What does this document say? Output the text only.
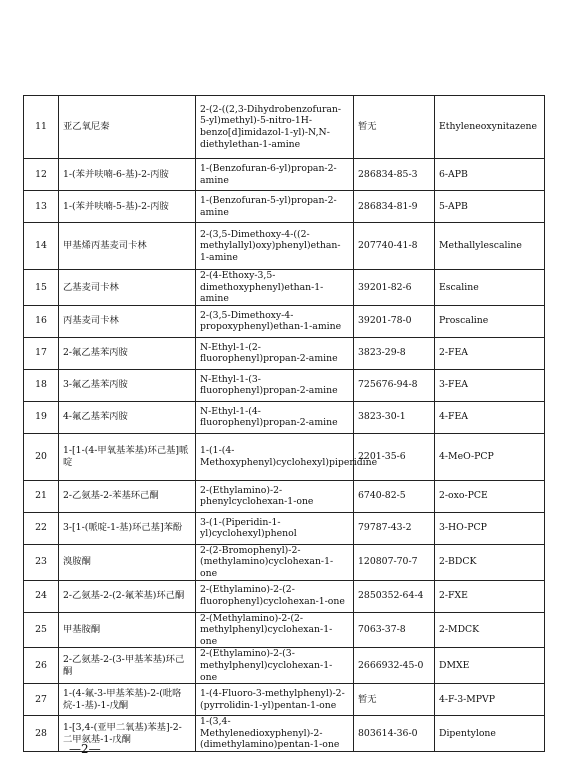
11	亚乙氧尼秦	2-(2-((2,3-Dihydrobenzofuran-5-yl)methyl)-5-nitro-1H-benzo[d]imidazol-1-yl)-N,N-diethylethan-1-amine	暂无	Ethyleneoxynitazene
12	1-(苯并呋喃-6-基)-2-丙胺	1-(Benzofuran-6-yl)propan-2-amine	286834-85-3	6-APB
13	1-(苯并呋喃-5-基)-2-丙胺	1-(Benzofuran-5-yl)propan-2-amine	286834-81-9	5-APB
14	甲基烯丙基麦司卡林	2-(3,5-Dimethoxy-4-((2-methylallyl)oxy)phenyl)ethan-1-amine	207740-41-8	Methallylescaline
15	乙基麦司卡林	2-(4-Ethoxy-3,5-dimethoxyphenyl)ethan-1-amine	39201-82-6	Escaline
16	丙基麦司卡林	2-(3,5-Dimethoxy-4-propoxyphenyl)ethan-1-amine	39201-78-0	Proscaline
17	2-氟乙基苯丙胺	N-Ethyl-1-(2-fluorophenyl)propan-2-amine	3823-29-8	2-FEA
18	3-氟乙基苯丙胺	N-Ethyl-1-(3-fluorophenyl)propan-2-amine	725676-94-8	3-FEA
19	4-氟乙基苯丙胺	N-Ethyl-1-(4-fluorophenyl)propan-2-amine	3823-30-1	4-FEA
20	1-[1-(4-甲氧基苯基)环己基]哌啶	1-(1-(4-Methoxyphenyl)cyclohexyl)piperidine	2201-35-6	4-MeO-PCP
21	2-乙氨基-2-苯基环己酮	2-(Ethylamino)-2-phenylcyclohexan-1-one	6740-82-5	2-oxo-PCE
22	3-[1-(哌啶-1-基)环己基]苯酚	3-(1-(Piperidin-1-yl)cyclohexyl)phenol	79787-43-2	3-HO-PCP
23	溴胺酮	2-(2-Bromophenyl)-2-(methylamino)cyclohexan-1-one	120807-70-7	2-BDCK
24	2-乙氨基-2-(2-氟苯基)环己酮	2-(Ethylamino)-2-(2-fluorophenyl)cyclohexan-1-one	2850352-64-4	2-FXE
25	甲基胺酮	2-(Methylamino)-2-(2-methylphenyl)cyclohexan-1-one	7063-37-8	2-MDCK
26	2-乙氨基-2-(3-甲基苯基)环己酮	2-(Ethylamino)-2-(3-methylphenyl)cyclohexan-1-one	2666932-45-0	DMXE
27	1-(4-氟-3-甲基苯基)-2-(吡咯烷-1-基)-1-戊酮	1-(4-Fluoro-3-methylphenyl)-2-(pyrrolidin-1-yl)pentan-1-one	暂无	4-F-3-MPVP
28	1-[3,4-(亚甲二氧基)苯基]-2-二甲氨基-1-戊酮	1-(3,4-Methylenedioxyphenyl)-2-(dimethylamino)pentan-1-one	803614-36-0	Dipentylone
—2—
